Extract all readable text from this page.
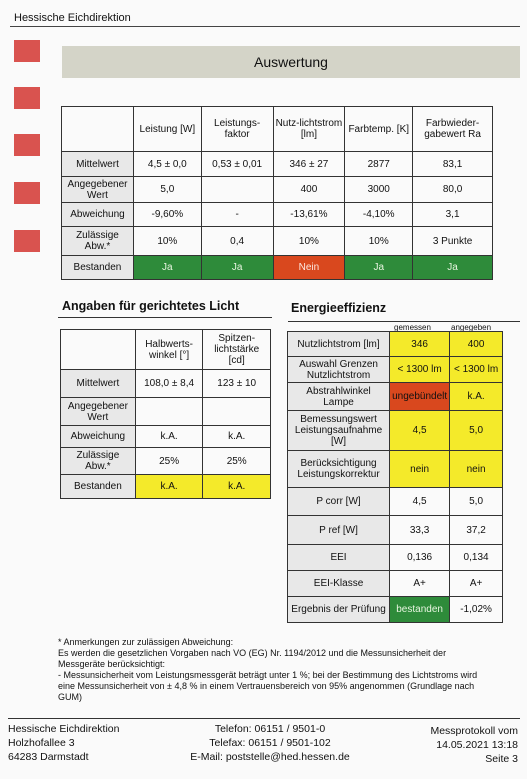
Hessische Eichdirektion
Auswertung
	Leistung [W]	Leistungs-faktor	Nutz-lichtstrom [lm]	Farbtemp. [K]	Farbwieder-gabewert Ra
Mittelwert	4,5 ± 0,0	0,53 ± 0,01	346 ± 27	2877	83,1
Angegebener Wert	5,0		400	3000	80,0
Abweichung	-9,60%	-	-13,61%	-4,10%	3,1
Zulässige Abw.*	10%	0,4	10%	10%	3 Punkte
Bestanden	Ja	Ja	Nein	Ja	Ja
Angaben für gerichtetes Licht
	Halbwerts-winkel [°]	Spitzen-lichtstärke [cd]
Mittelwert	108,0 ± 8,4	123 ± 10
Angegebener Wert		
Abweichung	k.A.	k.A.
Zulässige Abw.*	25%	25%
Bestanden	k.A.	k.A.
Energieeffizienz
gemessen	angegeben
Nutzlichtstrom [lm]	346	400
Auswahl Grenzen Nutzlichtstrom	< 1300 lm	< 1300 lm
Abstrahlwinkel Lampe	ungebündelt	k.A.
Bemessungswert Leistungsaufnahme [W]	4,5	5,0
Berücksichtigung Leistungskorrektur	nein	nein
P corr [W]	4,5	5,0
P ref [W]	33,3	37,2
EEI	0,136	0,134
EEI-Klasse	A+	A+
Ergebnis der Prüfung	bestanden	-1,02%
* Anmerkungen zur zulässigen Abweichung:
Es werden die gesetzlichen Vorgaben nach VO (EG) Nr. 1194/2012 und die Messunsicherheit der
Messgeräte berücksichtigt:
- Messunsicherheit vom Leistungsmessgerät beträgt unter 1 %; bei der Bestimmung des Lichtstroms wird
eine Messunsicherheit von ± 4,8 % in einem Vertrauensbereich von 95% angenommen (Grundlage nach
GUM)
Hessische Eichdirektion
Holzhofallee 3
64283 Darmstadt
Telefon: 06151 / 9501-0
Telefax: 06151 / 9501-102
E-Mail: poststelle@hed.hessen.de
Messprotokoll vom
14.05.2021 13:18
Seite 3
